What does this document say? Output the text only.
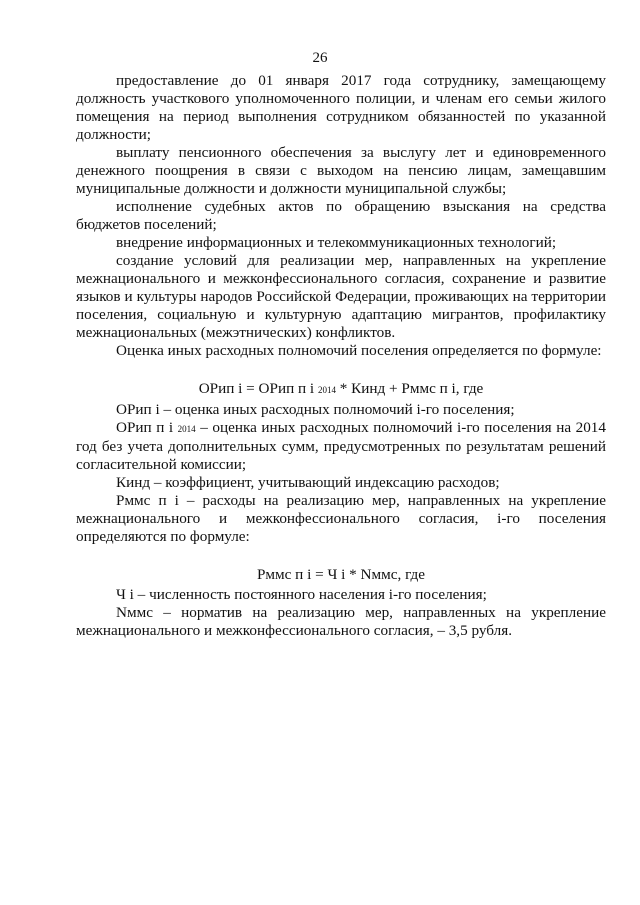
26

предоставление до 01 января 2017 года сотруднику, замещающему должность участкового уполномоченного полиции, и членам его семьи жилого помещения на период выполнения сотрудником обязанностей по указанной должности;

выплату пенсионного обеспечения за выслугу лет и единовременного денежного поощрения в связи с выходом на пенсию лицам, замещавшим муниципальные должности и должности муниципальной службы;

исполнение судебных актов по обращению взыскания на средства бюджетов поселений;

внедрение информационных и телекоммуникационных технологий;

создание условий для реализации мер, направленных на укрепление межнационального и межконфессионального согласия, сохранение и развитие языков и культуры народов Российской Федерации, проживающих на территории поселения, социальную и культурную адаптацию мигрантов, профилактику межнациональных (межэтнических) конфликтов.

Оценка иных расходных полномочий поселения определяется по формуле:

ОРип i = ОРип п i 2014 * Кинд + Рммс п i, где

ОРип i – оценка иных расходных полномочий i-го поселения;

ОРип п i 2014 – оценка иных расходных полномочий i-го поселения на 2014 год без учета дополнительных сумм, предусмотренных по результатам решений согласительной комиссии;

Кинд – коэффициент, учитывающий индексацию расходов;

Рммс п i – расходы на реализацию мер, направленных на укрепление межнационального и межконфессионального согласия, i-го поселения определяются по формуле:

Рммс п i = Ч i * Nммс, где

Ч i – численность постоянного населения i-го поселения;

Nммс – норматив на реализацию мер, направленных на укрепление межнационального и межконфессионального согласия, – 3,5 рубля.
